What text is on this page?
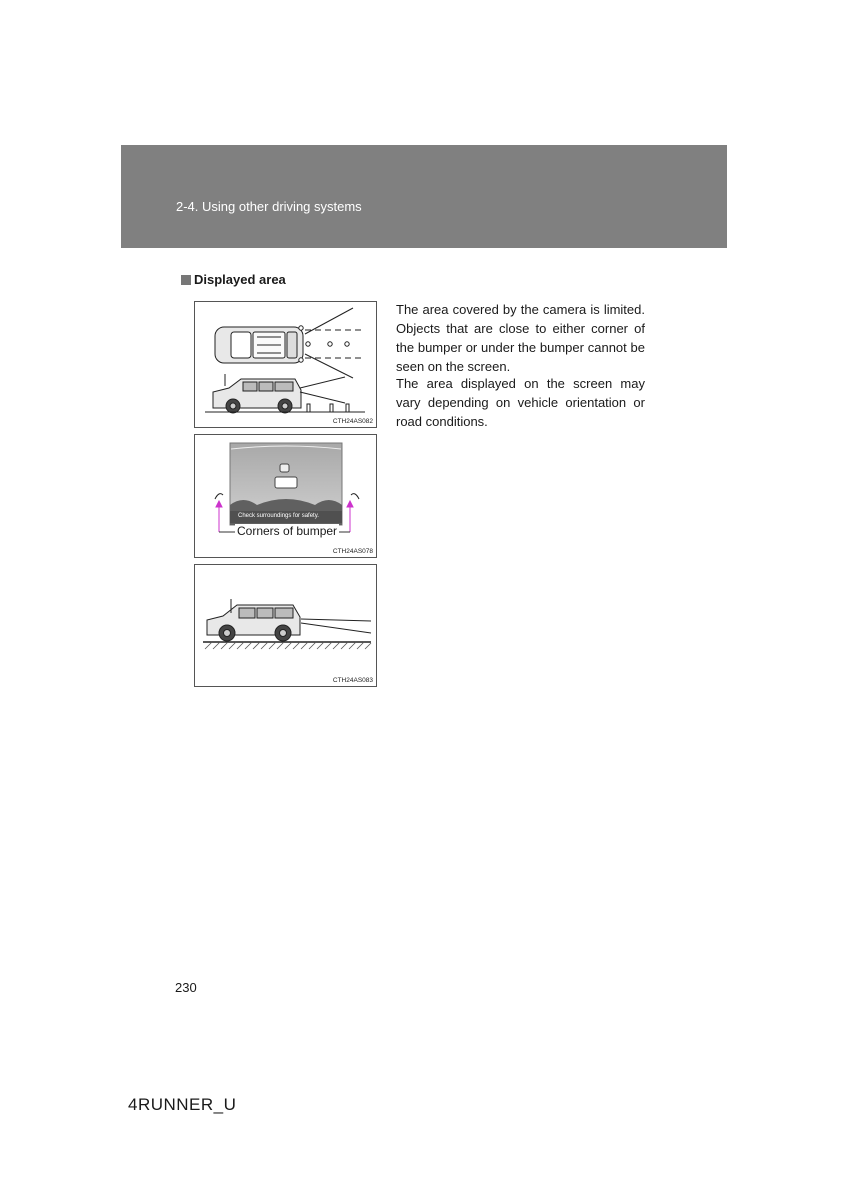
2-4. Using other driving systems
Displayed area
CTH24AS082
Check surroundings for safety.
Corners of bumper
CTH24AS078
CTH24AS083

The area covered by the camera is limited. Objects that are close to either corner of the bumper or under the bumper cannot be seen on the screen.

The area displayed on the screen may vary depending on vehicle orientation or road conditions.

230
4RUNNER_U
